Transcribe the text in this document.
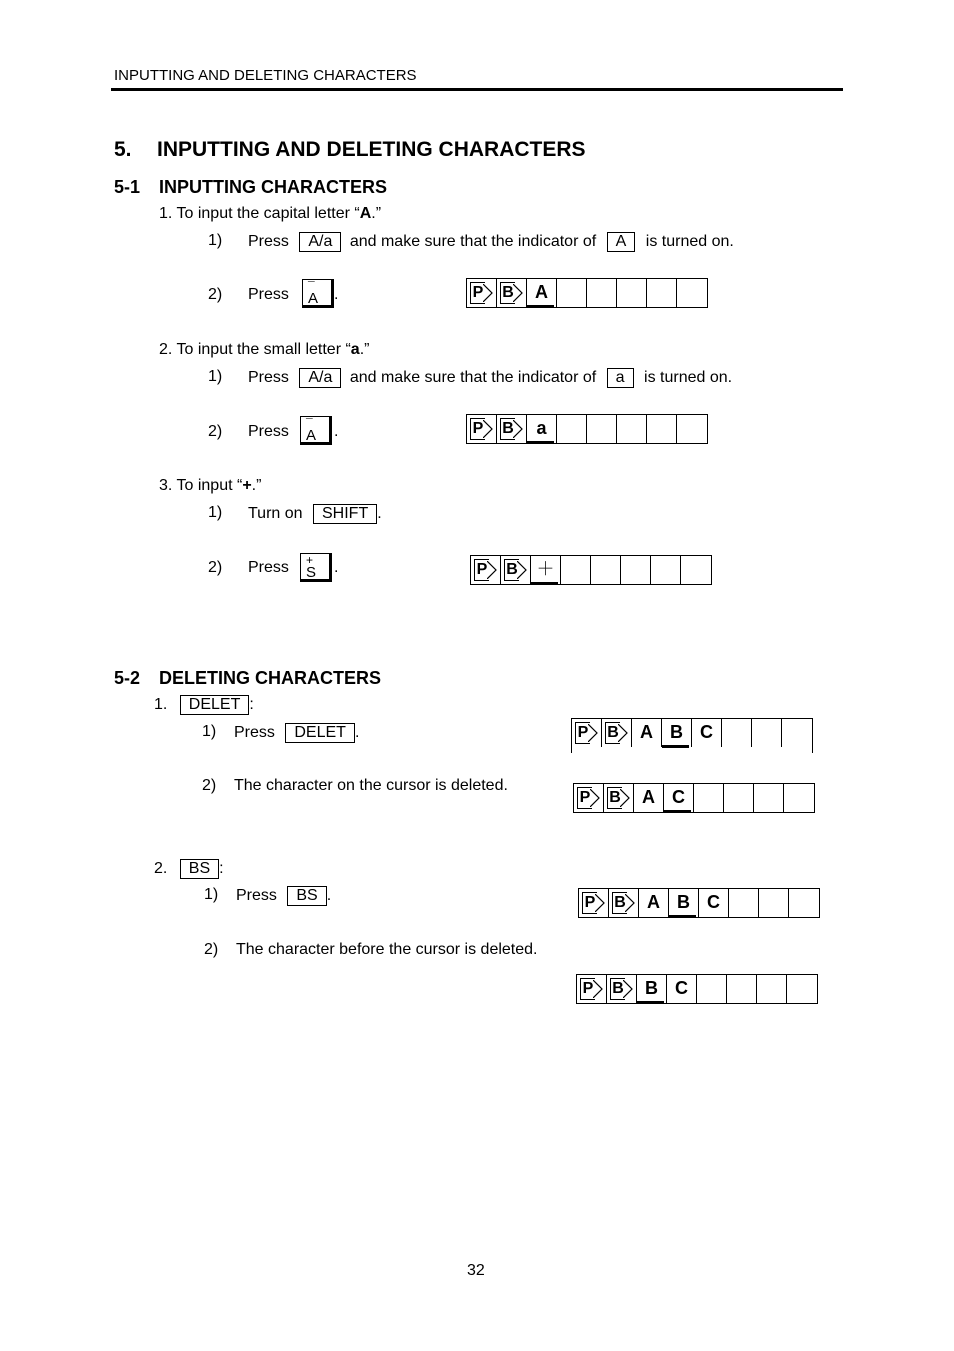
INPUTTING AND DELETING CHARACTERS
5. INPUTTING AND DELETING CHARACTERS
5-1 INPUTTING CHARACTERS
1. To input the capital letter “A.”
1) Press A/a and make sure that the indicator of A is turned on.
2) Press ¯
A .	P B	A
2. To input the small letter “a.”
1) Press A/a and make sure that the indicator of a is turned on.
2) Press ¯
A .	P B	a
3. To input “+.”
1) Turn on SHIFT .
2) Press +
S .	P B	＋
5-2 DELETING CHARACTERS
1. DELET :
1) Press DELET .	P B	A B C
2) The character on the cursor is deleted.
P B	A C
2. BS :
1) Press BS .	P B	A B C
2) The character before the cursor is deleted.
P B	B C
32
